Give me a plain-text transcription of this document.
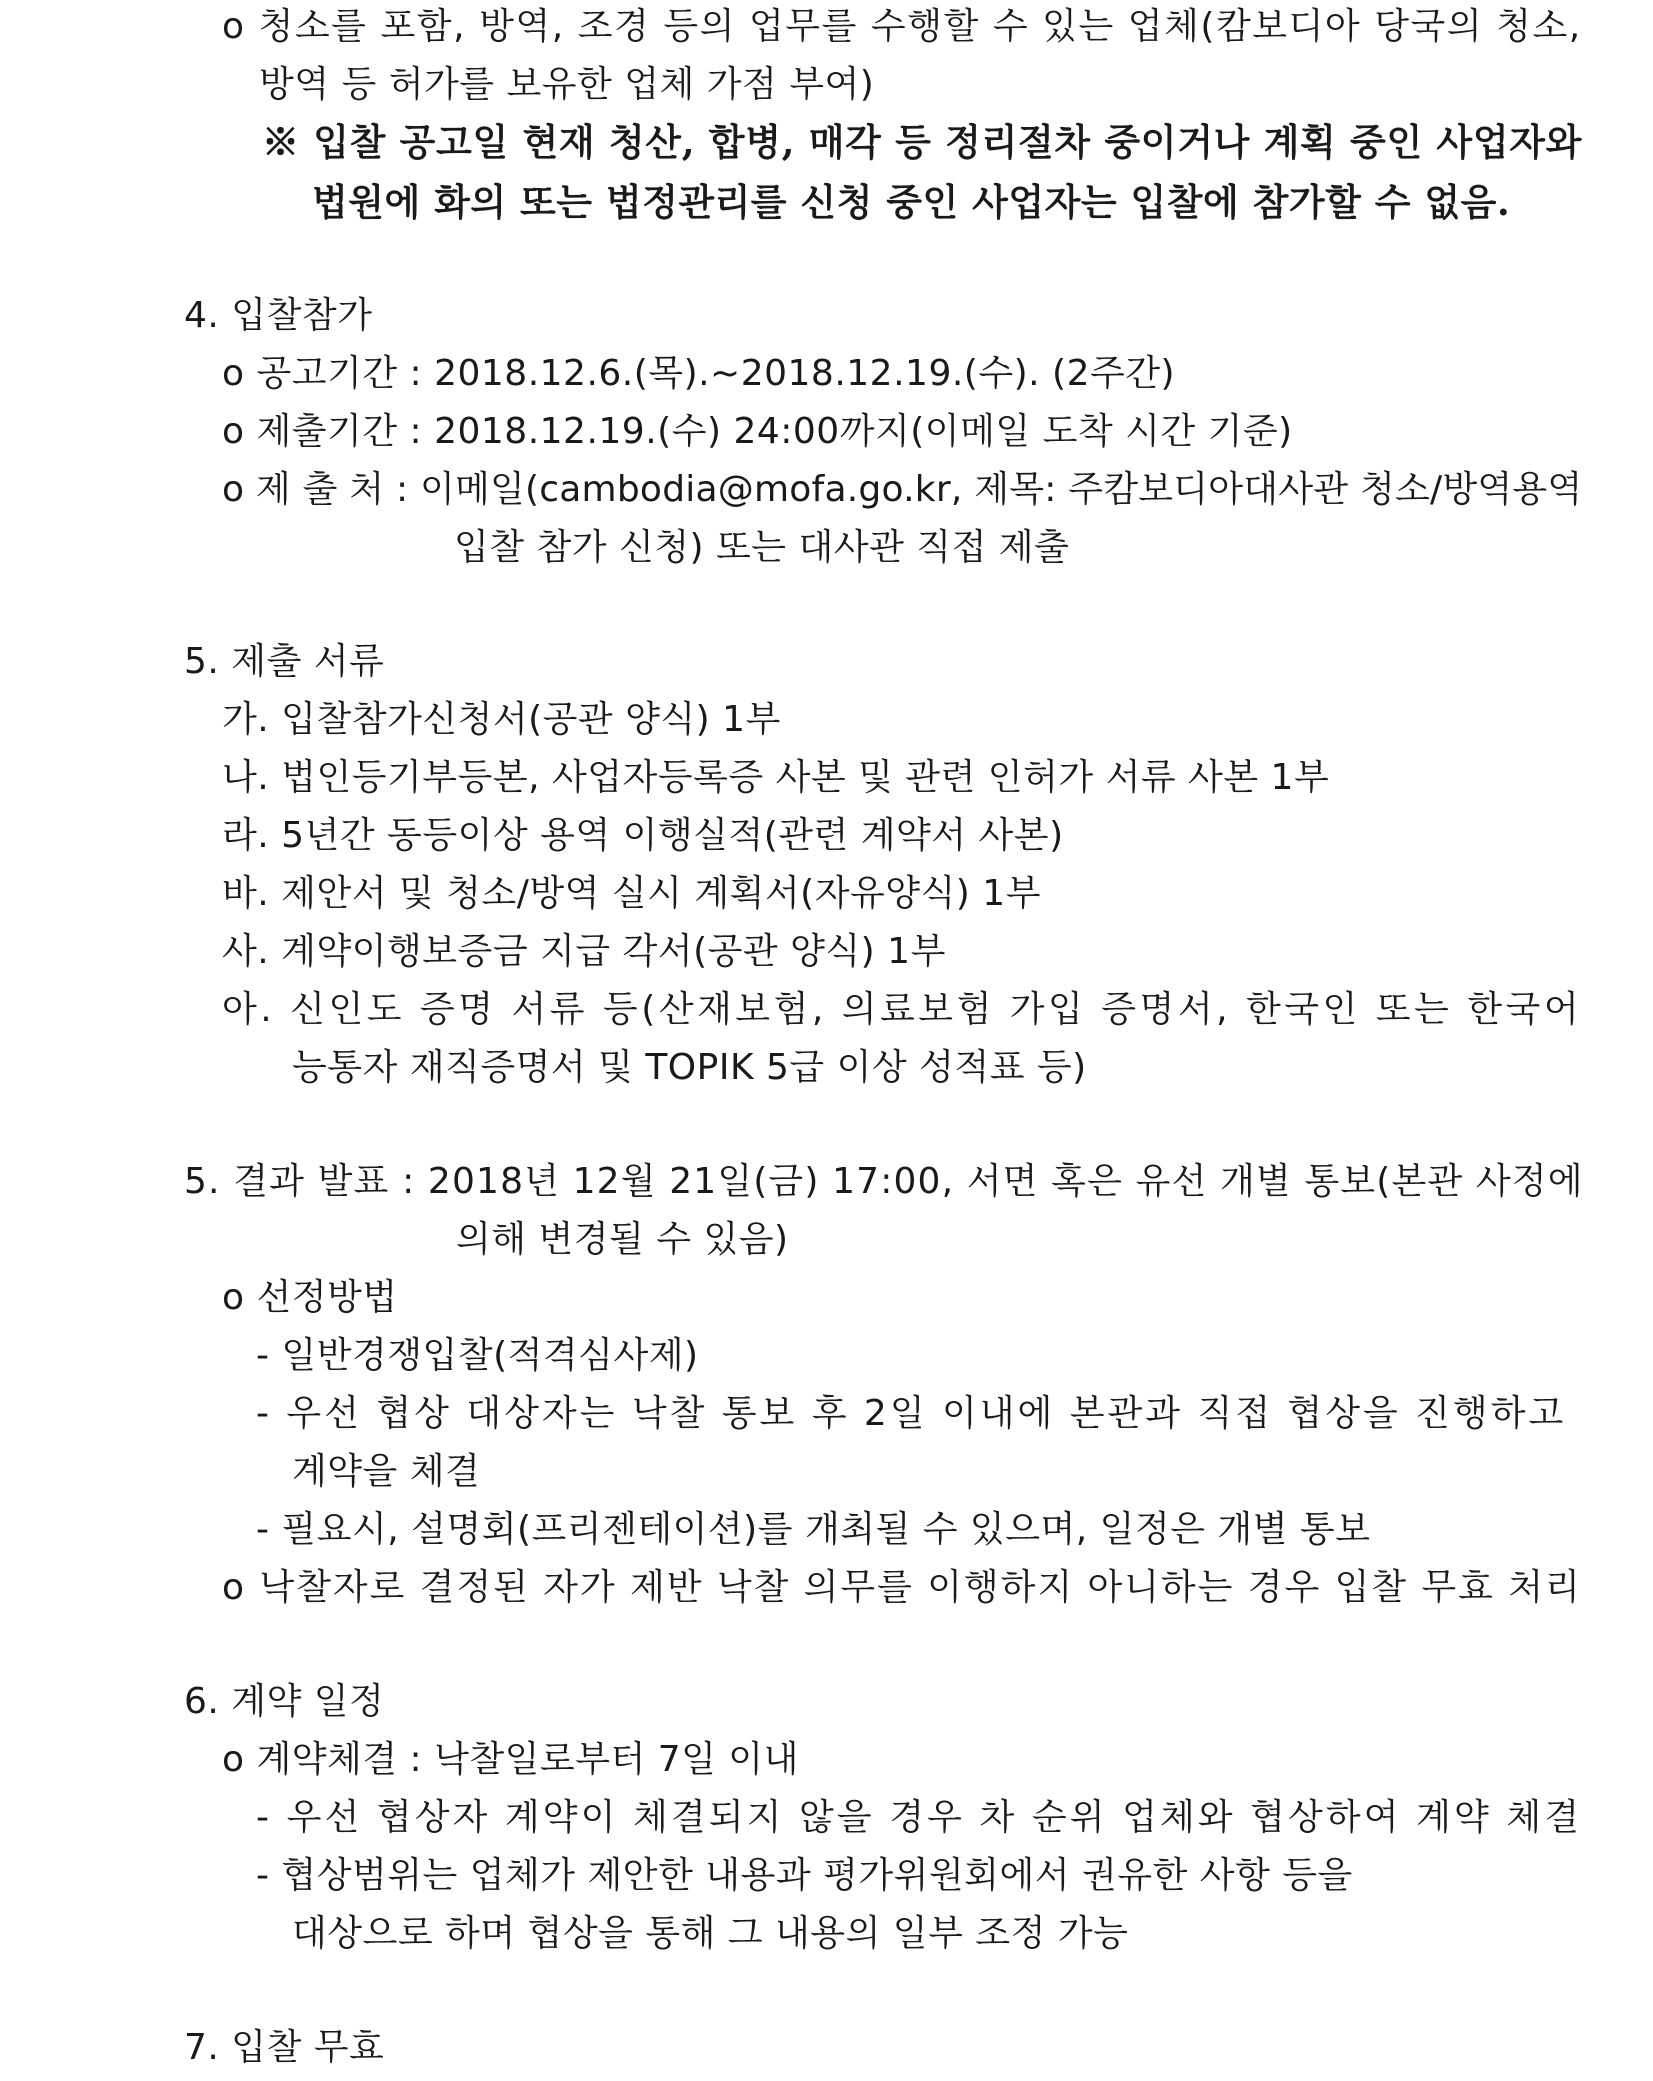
o 청소를 포함, 방역, 조경 등의 업무를 수행할 수 있는 업체(캄보디아 당국의 청소,
방역 등 허가를 보유한 업체 가점 부여)
※ 입찰 공고일 현재 청산, 합병, 매각 등 정리절차 중이거나 계획 중인 사업자와
법원에 화의 또는 법정관리를 신청 중인 사업자는 입찰에 참가할 수 없음.
4. 입찰참가
o 공고기간 : 2018.12.6.(목).~2018.12.19.(수). (2주간)
o 제출기간 : 2018.12.19.(수) 24:00까지(이메일 도착 시간 기준)
o 제 출 처 : 이메일(cambodia@mofa.go.kr, 제목: 주캄보디아대사관 청소/방역용역
입찰 참가 신청) 또는 대사관 직접 제출
5. 제출 서류
가. 입찰참가신청서(공관 양식) 1부
나. 법인등기부등본, 사업자등록증 사본 및 관련 인허가 서류 사본 1부
라. 5년간 동등이상 용역 이행실적(관련 계약서 사본)
바. 제안서 및 청소/방역 실시 계획서(자유양식) 1부
사. 계약이행보증금 지급 각서(공관 양식) 1부
아. 신인도 증명 서류 등(산재보험, 의료보험 가입 증명서, 한국인 또는 한국어
능통자 재직증명서 및 TOPIK 5급 이상 성적표 등)
5. 결과 발표 : 2018년 12월 21일(금) 17:00, 서면 혹은 유선 개별 통보(본관 사정에
의해 변경될 수 있음)
o 선정방법
- 일반경쟁입찰(적격심사제)
- 우선 협상 대상자는 낙찰 통보 후 2일 이내에 본관과 직접 협상을 진행하고
계약을 체결
- 필요시, 설명회(프리젠테이션)를 개최될 수 있으며, 일정은 개별 통보
o 낙찰자로 결정된 자가 제반 낙찰 의무를 이행하지 아니하는 경우 입찰 무효 처리
6. 계약 일정
o 계약체결 : 낙찰일로부터 7일 이내
- 우선 협상자 계약이 체결되지 않을 경우 차 순위 업체와 협상하여 계약 체결
- 협상범위는 업체가 제안한 내용과 평가위원회에서 권유한 사항 등을
대상으로 하며 협상을 통해 그 내용의 일부 조정 가능
7. 입찰 무효
